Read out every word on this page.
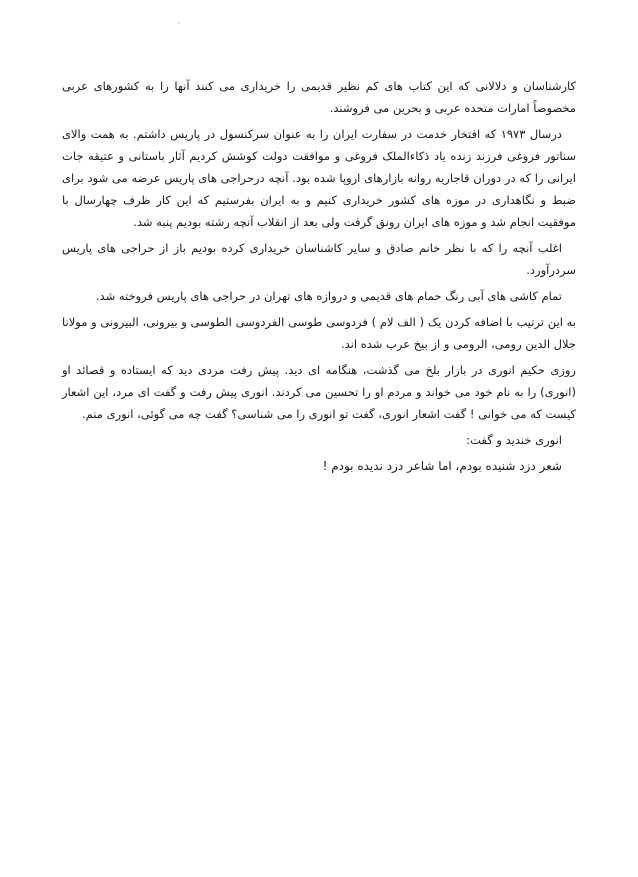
کارشناسان و دلالانی که این کتاب های کم نظیر قدیمی را خریداری می کنند آنها را به کشورهای عربی مخصوصاً امارات متحده عربی و بحرین می فروشند.

درسال ۱۹۷۳ که افتخار خدمت در سفارت ایران را به عنوان سرکنسول در پاریس داشتم. به همت والای سناتور فروغی فرزند زنده یاد ذکاءالملک فروغی و موافقت دولت کوشش کردیم آثار باستانی و عتیقه جات ایرانی را که در دوران قاجاریه روانه بازارهای اروپا شده بود. آنچه درحراجی های پاریس عرضه می شود برای ضبط و نگاهداری در موزه های کشور خریداری کنیم و به ایران بفرستیم که این کار ظرف چهارسال با موفقیت انجام شد و موزه های ایران رونق گرفت ولی بعد از انقلاب آنچه رشته بودیم پنبه شد.

اغلب آنچه را که با نظر خانم صادق و سایر کاشناسان خریداری کرده بودیم باز از حراجی های پاریس سردرآورد.

تمام کاشی های آبی رنگ حمام های قدیمی و دروازه های تهران در حراجی های پاریس فروخته شد.

به این ترتیب با اضافه کردن یک ( الف لام ) فردوسی طوسی الفردوسی الطوسی و بیرونی، البیرونی و مولانا جلال الدین رومی، الرومی و از بیخ عرب شده اند.

روزی حکیم انوری در بازار بلخ می گذشت، هنگامه ای دید. پیش رفت مردی دید که ایستاده و قصائد او (انوری) را به نام خود می خواند و مردم او را تحسین می کردند. انوری پیش رفت و گفت ای مرد، این اشعار کیست که می خوانی ! گفت اشعار انوری، گفت تو انوری را می شناسی؟ گفت چه می گوئی، انوری منم.

انوری خندید و گفت:

شعر دزد شنیده بودم، اما شاعر دزد ندیده بودم !
